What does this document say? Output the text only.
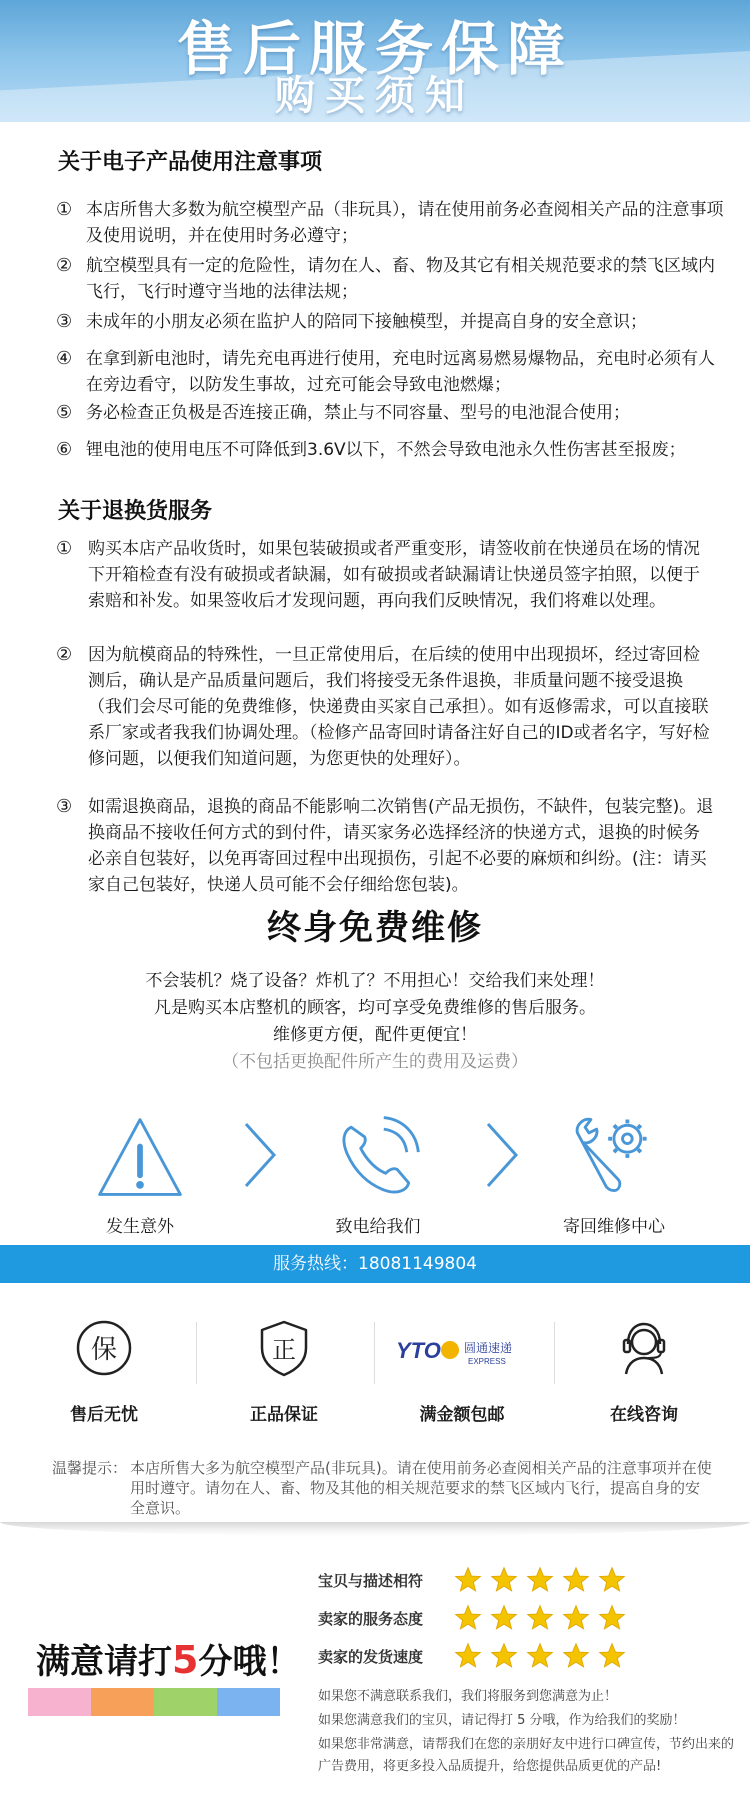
售后服务保障
购买须知
关于电子产品使用注意事项
① 本店所售大多数为航空模型产品（非玩具），请在使用前务必查阅相关产品的注意事项及使用说明，并在使用时务必遵守；
② 航空模型具有一定的危险性，请勿在人、畜、物及其它有相关规范要求的禁飞区域内飞行，飞行时遵守当地的法律法规；
③ 未成年的小朋友必须在监护人的陪同下接触模型，并提高自身的安全意识；
④ 在拿到新电池时，请先充电再进行使用，充电时远离易燃易爆物品，充电时必须有人在旁边看守，以防发生事故，过充可能会导致电池燃爆；
⑤ 务必检查正负极是否连接正确，禁止与不同容量、型号的电池混合使用；
⑥ 锂电池的使用电压不可降低到3.6V以下，不然会导致电池永久性伤害甚至报废；
关于退换货服务
① 购买本店产品收货时，如果包装破损或者严重变形，请签收前在快递员在场的情况下开箱检查有没有破损或者缺漏，如有破损或者缺漏请让快递员签字拍照，以便于索赔和补发。如果签收后才发现问题，再向我们反映情况，我们将难以处理。
② 因为航模商品的特殊性，一旦正常使用后，在后续的使用中出现损坏，经过寄回检测后，确认是产品质量问题后，我们将接受无条件退换，非质量问题不接受退换（我们会尽可能的免费维修，快递费由买家自己承担）。如有返修需求，可以直接联系厂家或者我我们协调处理。（检修产品寄回时请备注好自己的ID或者名字，写好检修问题，以便我们知道问题，为您更快的处理好）。
③ 如需退换商品，退换的商品不能影响二次销售(产品无损伤，不缺件，包装完整)。退换商品不接收任何方式的到付件，请买家务必选择经济的快递方式，退换的时候务必亲自包装好，以免再寄回过程中出现损伤，引起不必要的麻烦和纠纷。(注：请买家自己包装好，快递人员可能不会仔细给您包装)。
终身免费维修
不会装机？烧了设备？炸机了？不用担心！交给我们来处理！
凡是购买本店整机的顾客，均可享受免费维修的售后服务。
维修更方便，配件更便宜！
（不包括更换配件所产生的费用及运费）
发生意外	致电给我们	寄回维修中心
服务热线：18081149804
保
售后无忧
正
正品保证
YTO 圆通速递
EXPRESS
满金额包邮	在线咨询
温馨提示： 本店所售大多为航空模型产品(非玩具)。请在使用前务必查阅相关产品的注意事项并在使用时遵守。请勿在人、畜、物及其他的相关规范要求的禁飞区域内飞行，提高自身的安全意识。
满意请打5分哦！
宝贝与描述相符
卖家的服务态度
卖家的发货速度
如果您不满意联系我们，我们将服务到您满意为止！
如果您满意我们的宝贝，请记得打 5 分哦，作为给我们的奖励！
如果您非常满意，请帮我们在您的亲朋好友中进行口碑宣传，节约出来的广告费用，将更多投入品质提升，给您提供品质更优的产品!
